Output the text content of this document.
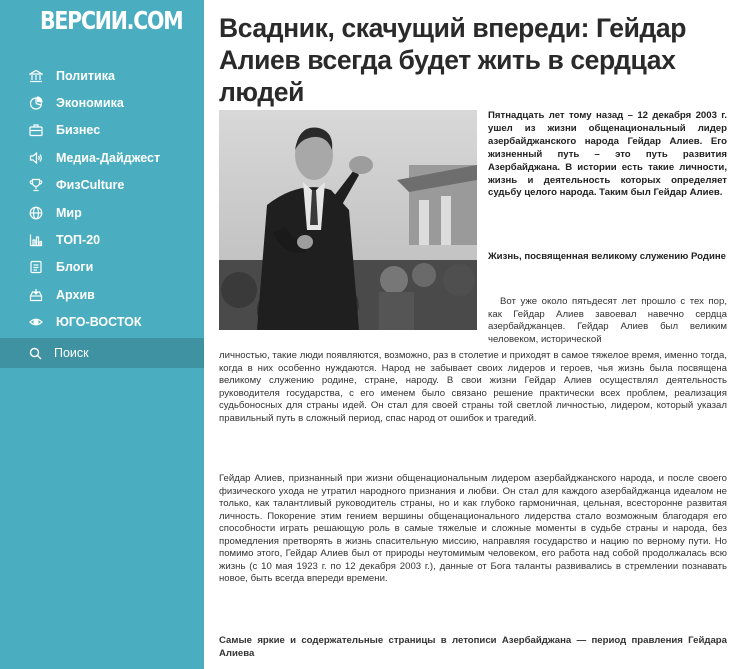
ВЕРСИИ.COM
Политика
Экономика
Бизнес
Медиа-Дайджест
ФизCulture
Мир
ТОП-20
Блоги
Архив
ЮГО-ВОСТОК
Поиск
Всадник, скачущий впереди: Гейдар Алиев всегда будет жить в сердцах людей

Пятнадцать лет тому назад – 12 декабря 2003 г. ушел из жизни общенациональный лидер азербайджанского народа Гейдар Алиев. Его жизненный путь – это путь развития Азербайджана. В истории есть такие личности, жизнь и деятельность которых определяет судьбу целого народа. Таким был Гейдар Алиев.

Жизнь, посвященная великому служению Родине

Вот уже около пятьдесят лет прошло с тех пор, как Гейдар Алиев завоевал навечно сердца азербайджанцев. Гейдар Алиев был великим человеком, исторической

личностью, такие люди появляются, возможно, раз в столетие и приходят в самое тяжелое время, именно тогда, когда в них особенно нуждаются. Народ не забывает своих лидеров и героев, чья жизнь была посвящена великому служению родине, стране, народу. В свои жизни Гейдар Алиев осуществлял деятельность руководителя государства, с его именем было связано решение практически всех проблем, реализация судьбоносных для страны идей. Он стал для своей страны той светлой личностью, лидером, который указал правильный путь в сложный период, спас народ от ошибок и трагедий.

Гейдар Алиев, признанный при жизни общенациональным лидером азербайджанского народа, и после своего физического ухода не утратил народного признания и любви. Он стал для каждого азербайджанца идеалом не только, как талантливый руководитель страны, но и как глубоко гармоничная, цельная, всесторонне развитая личность. Покорение этим гением вершины общенационального лидерства стало возможным благодаря его способности играть решающую роль в самые тяжелые и сложные моменты в судьбе страны и народа, без промедления претворять в жизнь спасительную миссию, направляя государство и нацию по верному пути. Но помимо этого, Гейдар Алиев был от природы неутомимым человеком, его работа над собой продолжалась всю жизнь (с 10 мая 1923 г. по 12 декабря 2003 г.), данные от Бога таланты развивались в стремлении познавать новое, быть всегда впереди времени.

Самые яркие и содержательные страницы в летописи Азербайджана — период правления Гейдара Алиева
